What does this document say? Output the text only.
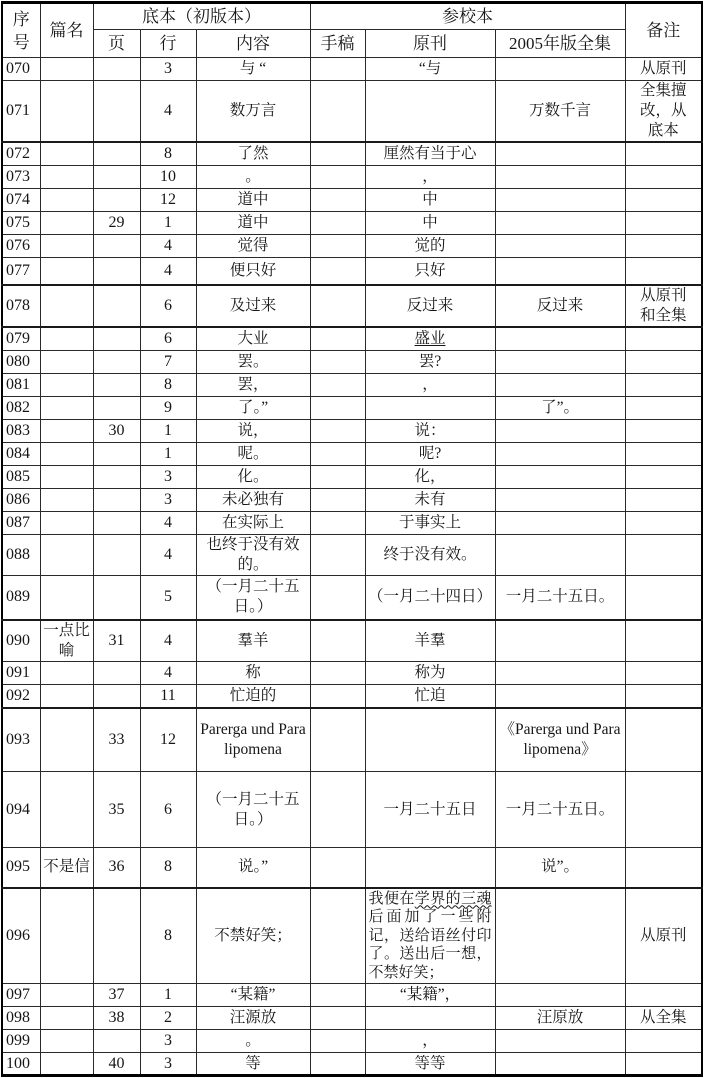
序号	篇名	底本（初版本）			参校本			备注
		页	行	内容	手稿	原刊	2005年版全集	
070			3	与 “		“与		从原刊
071			4	数万言			万数千言	全集擅改，从底本
072			8	了然		厘然有当于心		
073			10	。		，		
074			12	道中		中		
075		29	1	道中		中		
076			4	觉得		觉的		
077			4	便只好		只好		
078			6	及过来		反过来	反过来	从原刊和全集
079			6	大业		盛业		
080			7	罢。		罢?		
081			8	罢，		，		
082			9	了。”			了”。	
083		30	1	说，		说：		
084			1	呢。		呢?		
085			3	化。		化，		
086			3	未必独有		未有		
087			4	在实际上		于事实上		
088			4	也终于没有效的。		终于没有效。		
089			5	（一月二十五日。）		（一月二十四日）	一月二十五日。	
090	一点比喻	31	4	羣羊		羊羣		
091			4	称		称为		
092			11	忙迫的		忙迫		
093		33	12	Parerga und Paralipomena			《Parerga und Paralipomena》	
094		35	6	（一月二十五日。）		一月二十五日	一月二十五日。	
095	不是信	36	8	说。”			说”。	
096			8	不禁好笑；		我便在学界的三魂后面加了一些附记，送给语丝付印了。送出后一想，不禁好笑；		从原刊
097		37	1	“某籍”		“某籍”，		
098		38	2	汪源放			汪原放	从全集
099			3	。		，		
100		40	3	等		等等		
